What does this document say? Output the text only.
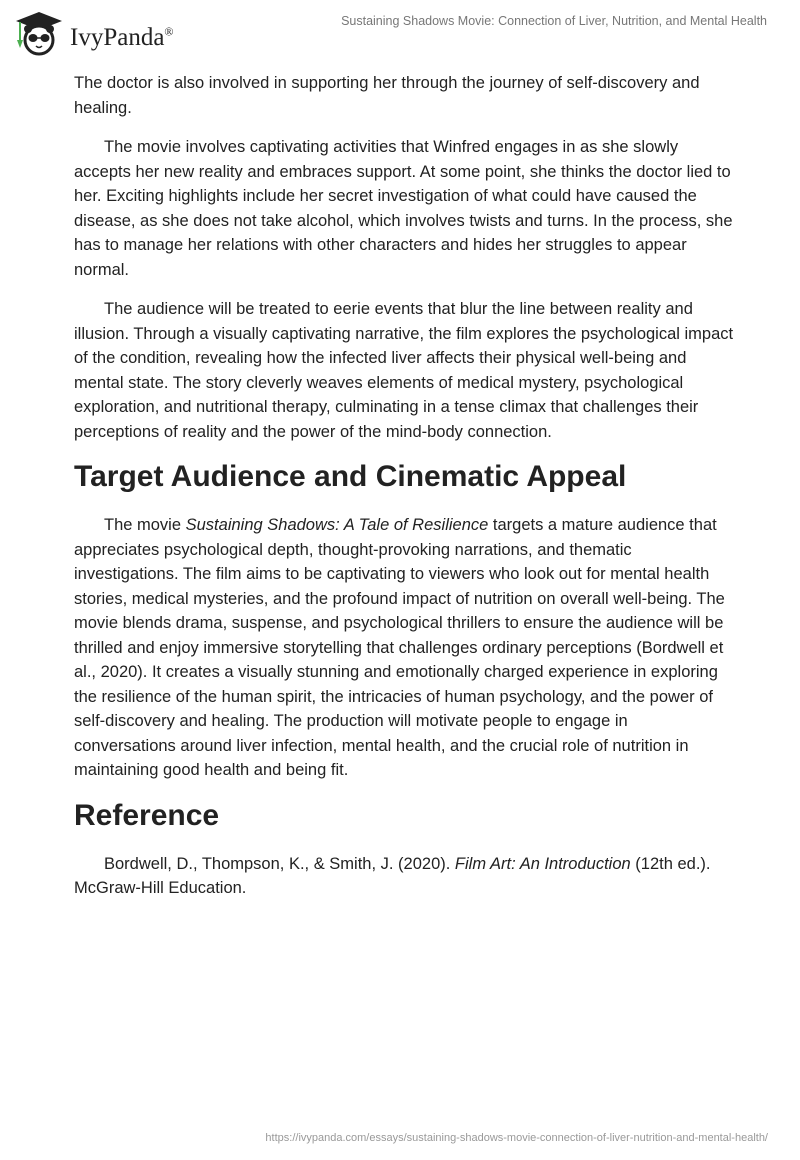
IvyPanda®
Sustaining Shadows Movie: Connection of Liver, Nutrition, and Mental Health

The doctor is also involved in supporting her through the journey of self-discovery and healing.

The movie involves captivating activities that Winfred engages in as she slowly accepts her new reality and embraces support. At some point, she thinks the doctor lied to her. Exciting highlights include her secret investigation of what could have caused the disease, as she does not take alcohol, which involves twists and turns. In the process, she has to manage her relations with other characters and hides her struggles to appear normal.

The audience will be treated to eerie events that blur the line between reality and illusion. Through a visually captivating narrative, the film explores the psychological impact of the condition, revealing how the infected liver affects their physical well-being and mental state. The story cleverly weaves elements of medical mystery, psychological exploration, and nutritional therapy, culminating in a tense climax that challenges their perceptions of reality and the power of the mind-body connection.

Target Audience and Cinematic Appeal

The movie Sustaining Shadows: A Tale of Resilience targets a mature audience that appreciates psychological depth, thought-provoking narrations, and thematic investigations. The film aims to be captivating to viewers who look out for mental health stories, medical mysteries, and the profound impact of nutrition on overall well-being. The movie blends drama, suspense, and psychological thrillers to ensure the audience will be thrilled and enjoy immersive storytelling that challenges ordinary perceptions (Bordwell et al., 2020). It creates a visually stunning and emotionally charged experience in exploring the resilience of the human spirit, the intricacies of human psychology, and the power of self-discovery and healing. The production will motivate people to engage in conversations around liver infection, mental health, and the crucial role of nutrition in maintaining good health and being fit.

Reference

Bordwell, D., Thompson, K., & Smith, J. (2020). Film Art: An Introduction (12th ed.). McGraw-Hill Education.

https://ivypanda.com/essays/sustaining-shadows-movie-connection-of-liver-nutrition-and-mental-health/
